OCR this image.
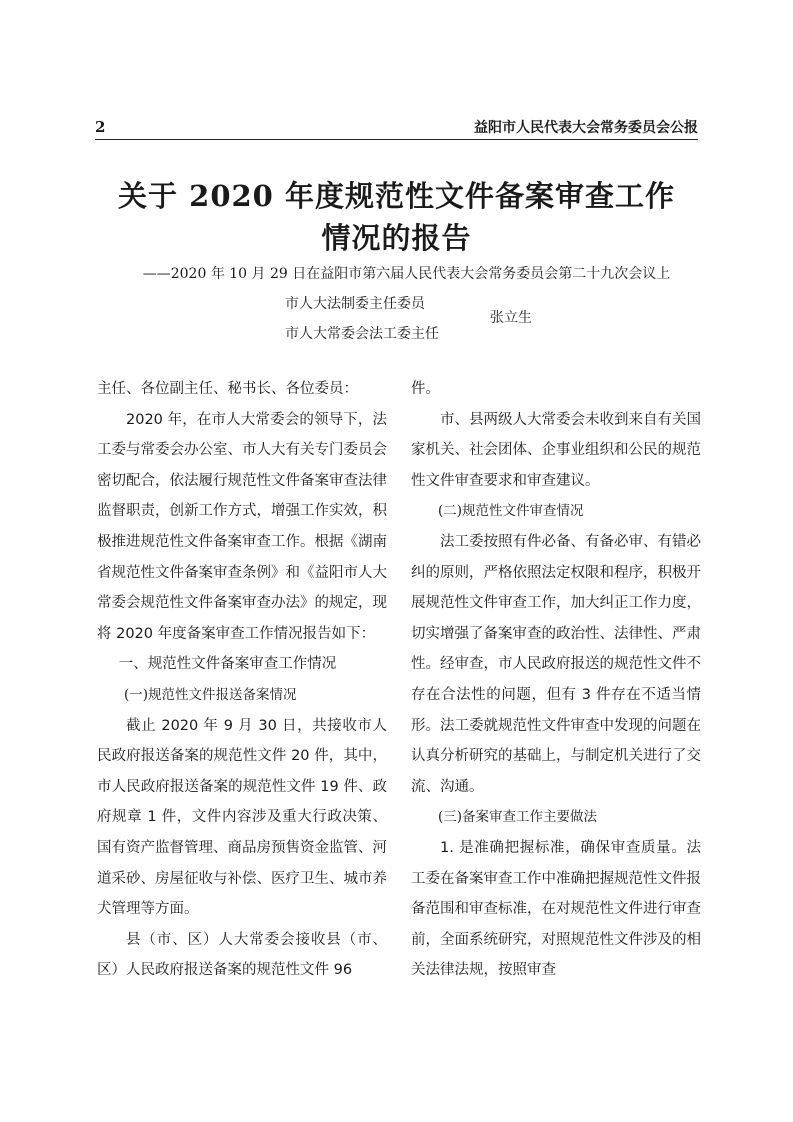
2	益阳市人民代表大会常务委员会公报
关于 2020 年度规范性文件备案审查工作
情况的报告
——2020 年 10 月 29 日在益阳市第六届人民代表大会常务委员会第二十九次会议上
市人大法制委主任委员
市人大常委会法工委主任
张立生

主任、各位副主任、秘书长、各位委员：

2020 年，在市人大常委会的领导下，法工委与常委会办公室、市人大有关专门委员会密切配合，依法履行规范性文件备案审查法律监督职责，创新工作方式，增强工作实效，积极推进规范性文件备案审查工作。根据《湖南省规范性文件备案审查条例》和《益阳市人大常委会规范性文件备案审查办法》的规定，现将 2020 年度备案审查工作情况报告如下：

一、规范性文件备案审查工作情况

(一)规范性文件报送备案情况

截止 2020 年 9 月 30 日，共接收市人民政府报送备案的规范性文件 20 件，其中，市人民政府报送备案的规范性文件 19 件、政府规章 1 件，文件内容涉及重大行政决策、国有资产监督管理、商品房预售资金监管、河道采砂、房屋征收与补偿、医疗卫生、城市养犬管理等方面。

县（市、区）人大常委会接收县（市、区）人民政府报送备案的规范性文件 96

件。

市、县两级人大常委会未收到来自有关国家机关、社会团体、企事业组织和公民的规范性文件审查要求和审查建议。

(二)规范性文件审查情况

法工委按照有件必备、有备必审、有错必纠的原则，严格依照法定权限和程序，积极开展规范性文件审查工作，加大纠正工作力度，切实增强了备案审查的政治性、法律性、严肃性。经审查，市人民政府报送的规范性文件不存在合法性的问题，但有 3 件存在不适当情形。法工委就规范性文件审查中发现的问题在认真分析研究的基础上，与制定机关进行了交流、沟通。

(三)备案审查工作主要做法

1. 是准确把握标准，确保审查质量。法工委在备案审查工作中准确把握规范性文件报备范围和审查标准，在对规范性文件进行审查前，全面系统研究，对照规范性文件涉及的相关法律法规，按照审查
